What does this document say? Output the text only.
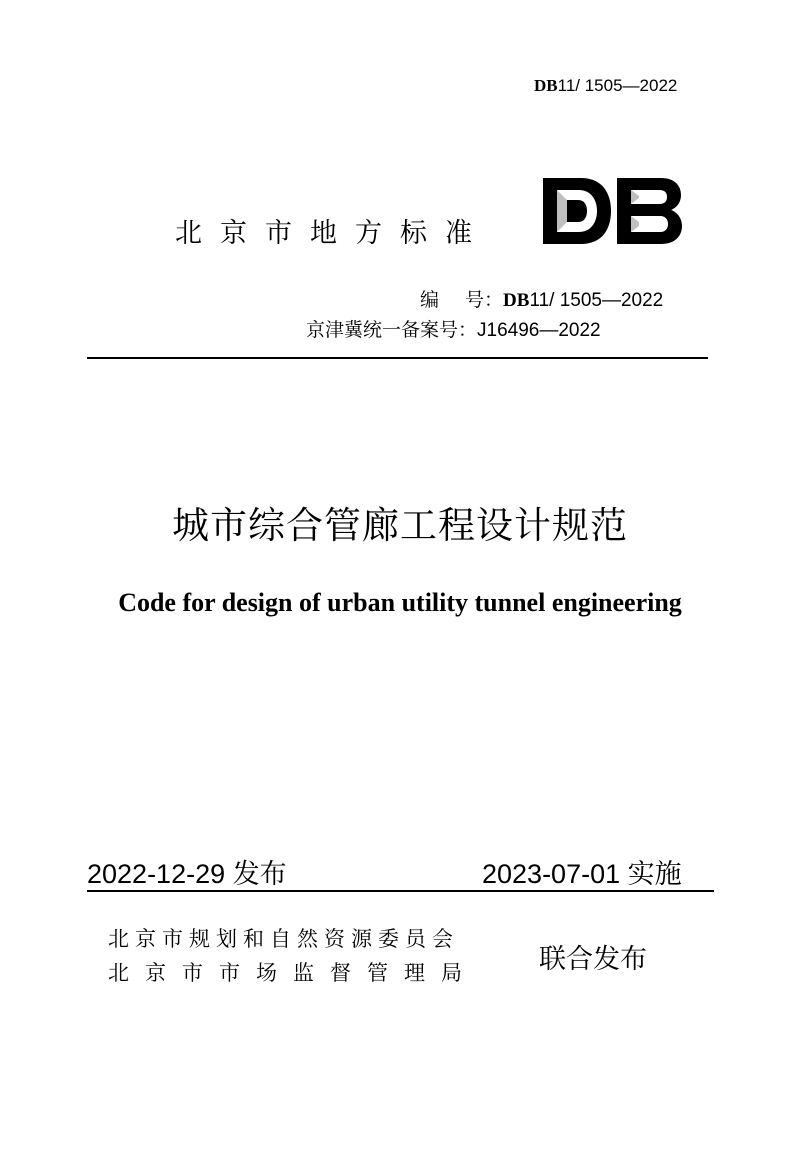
DB11/ 1505—2022
北京市地方标准
编 号：DB11/ 1505—2022
京津冀统一备案号：J16496—2022
城市综合管廊工程设计规范
Code for design of urban utility tunnel engineering
2022-12-29 发布	2023-07-01 实施
北京市规划和自然资源委员会
北京市市场监督管理局 联合发布
